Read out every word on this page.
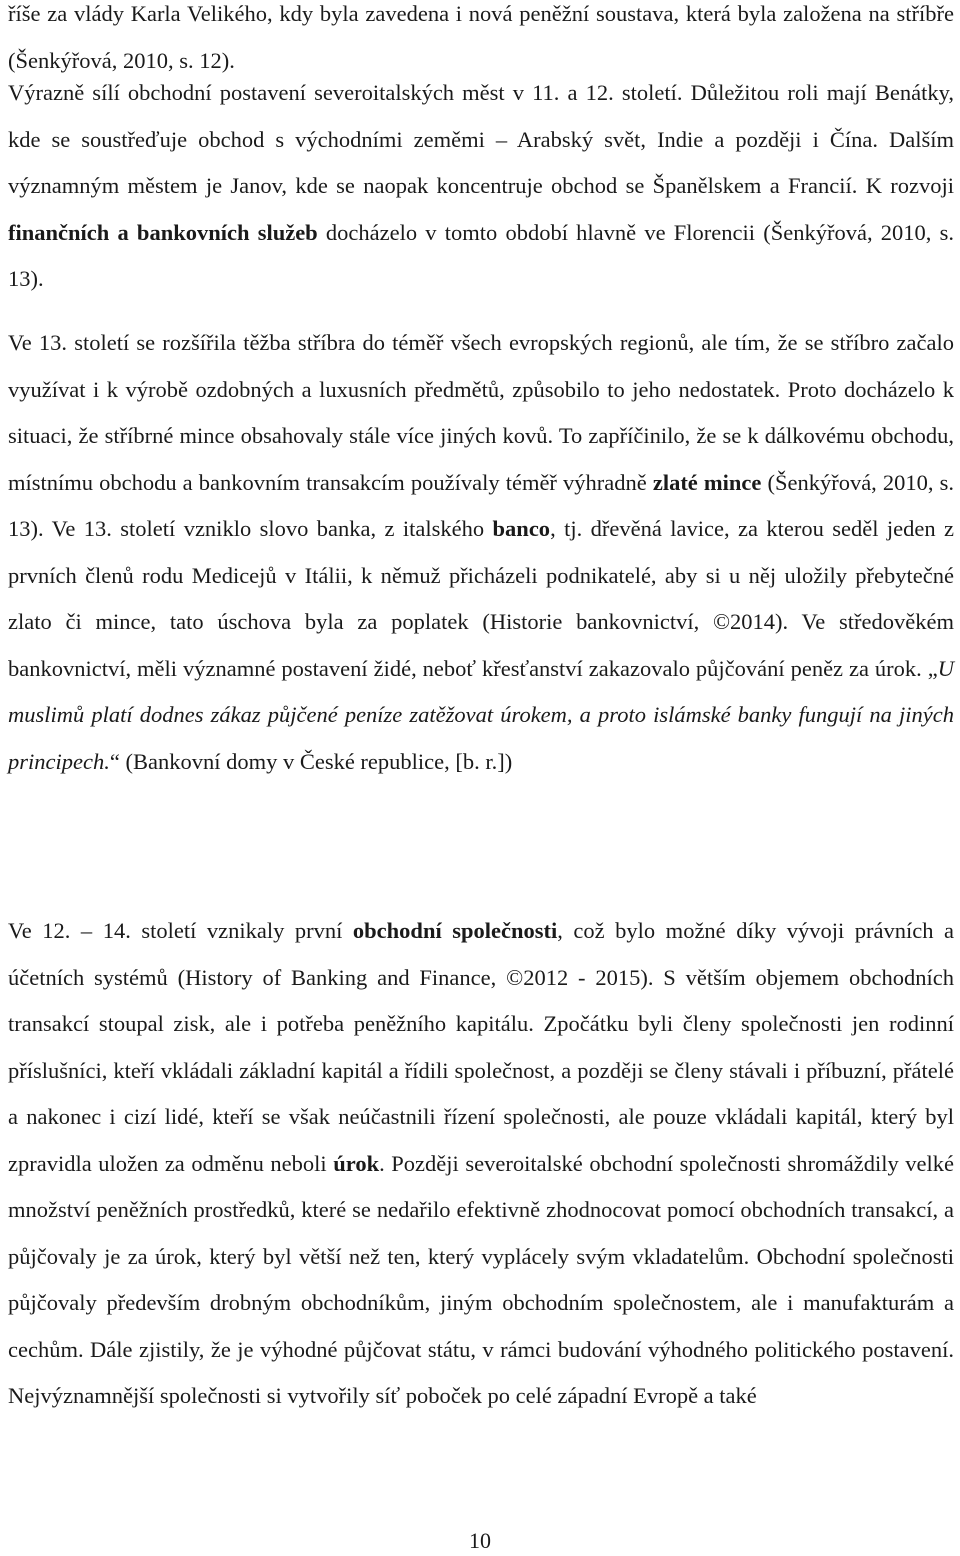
říše za vlády Karla Velikého, kdy byla zavedena i nová peněžní soustava, která byla založena na stříbře (Šenkýřová, 2010, s. 12).

Výrazně sílí obchodní postavení severoitalských měst v 11. a 12. století. Důležitou roli mají Benátky, kde se soustřeďuje obchod s východními zeměmi – Arabský svět, Indie a později i Čína. Dalším významným městem je Janov, kde se naopak koncentruje obchod se Španělskem a Francií. K rozvoji finančních a bankovních služeb docházelo v tomto období hlavně ve Florencii (Šenkýřová, 2010, s. 13).

Ve 13. století se rozšířila těžba stříbra do téměř všech evropských regionů, ale tím, že se stříbro začalo využívat i k výrobě ozdobných a luxusních předmětů, způsobilo to jeho nedostatek. Proto docházelo k situaci, že stříbrné mince obsahovaly stále více jiných kovů. To zapříčinilo, že se k dálkovému obchodu, místnímu obchodu a bankovním transakcím používaly téměř výhradně zlaté mince (Šenkýřová, 2010, s. 13). Ve 13. století vzniklo slovo banka, z italského banco, tj. dřevěná lavice, za kterou seděl jeden z prvních členů rodu Medicejů v Itálii, k němuž přicházeli podnikatelé, aby si u něj uložily přebytečné zlato či mince, tato úschova byla za poplatek (Historie bankovnictví, ©2014). Ve středověkém bankovnictví, měli významné postavení židé, neboť křesťanství zakazovalo půjčování peněz za úrok. „U muslimů platí dodnes zákaz půjčené peníze zatěžovat úrokem, a proto islámské banky fungují na jiných principech.“ (Bankovní domy v České republice, [b. r.])

Ve 12. – 14. století vznikaly první obchodní společnosti, což bylo možné díky vývoji právních a účetních systémů (History of Banking and Finance, ©2012 - 2015). S větším objemem obchodních transakcí stoupal zisk, ale i potřeba peněžního kapitálu. Zpočátku byli členy společnosti jen rodinní příslušníci, kteří vkládali základní kapitál a řídili společnost, a později se členy stávali i příbuzní, přátelé a nakonec i cizí lidé, kteří se však neúčastnili řízení společnosti, ale pouze vkládali kapitál, který byl zpravidla uložen za odměnu neboli úrok. Později severoitalské obchodní společnosti shromáždily velké množství peněžních prostředků, které se nedařilo efektivně zhodnocovat pomocí obchodních transakcí, a půjčovaly je za úrok, který byl větší než ten, který vyplácely svým vkladatelům. Obchodní společnosti půjčovaly především drobným obchodníkům, jiným obchodním společnostem, ale i manufakturám a cechům. Dále zjistily, že je výhodné půjčovat státu, v rámci budování výhodného politického postavení. Nejvýznamnější společnosti si vytvořily síť poboček po celé západní Evropě a také

10
